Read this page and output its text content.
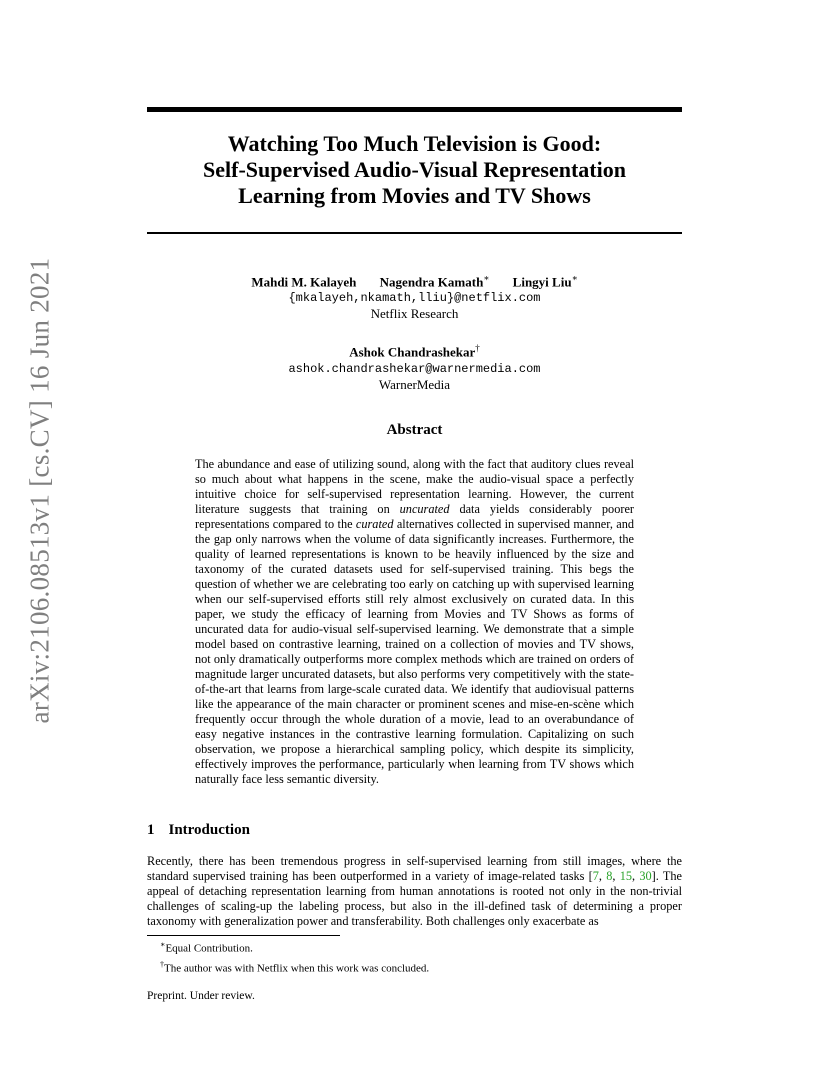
arXiv:2106.08513v1 [cs.CV] 16 Jun 2021
Watching Too Much Television is Good:
Self-Supervised Audio-Visual Representation
Learning from Movies and TV Shows
Mahdi M. Kalayeh Nagendra Kamath∗ Lingyi Liu∗
{mkalayeh,nkamath,lliu}@netflix.com
Netflix Research
Ashok Chandrashekar†
ashok.chandrashekar@warnermedia.com
WarnerMedia
Abstract
The abundance and ease of utilizing sound, along with the fact that auditory clues reveal so much about what happens in the scene, make the audio-visual space a perfectly intuitive choice for self-supervised representation learning. However, the current literature suggests that training on uncurated data yields considerably poorer representations compared to the curated alternatives collected in supervised manner, and the gap only narrows when the volume of data significantly increases. Furthermore, the quality of learned representations is known to be heavily influenced by the size and taxonomy of the curated datasets used for self-supervised training. This begs the question of whether we are celebrating too early on catching up with supervised learning when our self-supervised efforts still rely almost exclusively on curated data. In this paper, we study the efficacy of learning from Movies and TV Shows as forms of uncurated data for audio-visual self-supervised learning. We demonstrate that a simple model based on contrastive learning, trained on a collection of movies and TV shows, not only dramatically outperforms more complex methods which are trained on orders of magnitude larger uncurated datasets, but also performs very competitively with the state-of-the-art that learns from large-scale curated data. We identify that audiovisual patterns like the appearance of the main character or prominent scenes and mise-en-scène which frequently occur through the whole duration of a movie, lead to an overabundance of easy negative instances in the contrastive learning formulation. Capitalizing on such observation, we propose a hierarchical sampling policy, which despite its simplicity, effectively improves the performance, particularly when learning from TV shows which naturally face less semantic diversity.
1 Introduction
Recently, there has been tremendous progress in self-supervised learning from still images, where the standard supervised training has been outperformed in a variety of image-related tasks [7, 8, 15, 30]. The appeal of detaching representation learning from human annotations is rooted not only in the non-trivial challenges of scaling-up the labeling process, but also in the ill-defined task of determining a proper taxonomy with generalization power and transferability. Both challenges only exacerbate as
∗Equal Contribution.
†The author was with Netflix when this work was concluded.
Preprint. Under review.
